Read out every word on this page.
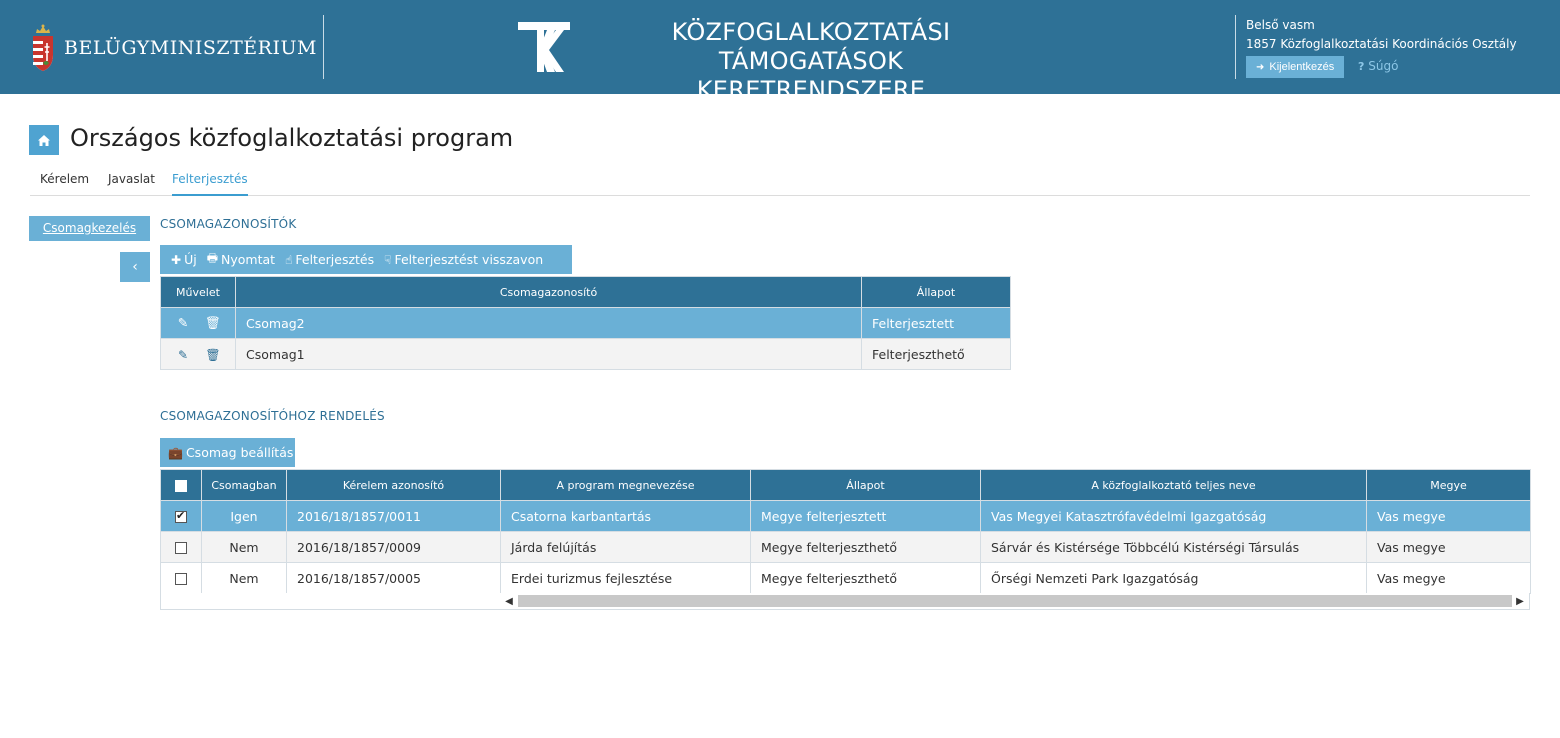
BELÜGYMINISZTÉRIUM
KÖZFOGLALKOZTATÁSI TÁMOGATÁSOK
KERETRENDSZERE
Belső vasm
1857 Közfoglalkoztatási Koordinációs Osztály
➜ Kijelentkezés ? Súgó
Országos közfoglalkoztatási program
Kérelem Javaslat Felterjesztés
Csomagkezelés
‹
CSOMAGAZONOSÍTÓK
✚ Új 🖶 Nyomtat ☝ Felterjesztés ☟ Felterjesztést visszavon
Művelet	Csomagazonosító	Állapot
✎ 🗑	Csomag2	Felterjesztett
✎ 🗑	Csomag1	Felterjeszthető
CSOMAGAZONOSÍTÓHOZ RENDELÉS
💼 Csomag beállítás
	Csomagban	Kérelem azonosító	A program megnevezése	Állapot	A közfoglalkoztató teljes neve	Megye
✔	Igen	2016/18/1857/0011	Csatorna karbantartás	Megye felterjesztett	Vas Megyei Katasztrófavédelmi Igazgatóság	Vas megye
	Nem	2016/18/1857/0009	Járda felújítás	Megye felterjeszthető	Sárvár és Kistérsége Többcélú Kistérségi Társulás	Vas megye
	Nem	2016/18/1857/0005	Erdei turizmus fejlesztése	Megye felterjeszthető	Őrségi Nemzeti Park Igazgatóság	Vas megye
◀	▶
